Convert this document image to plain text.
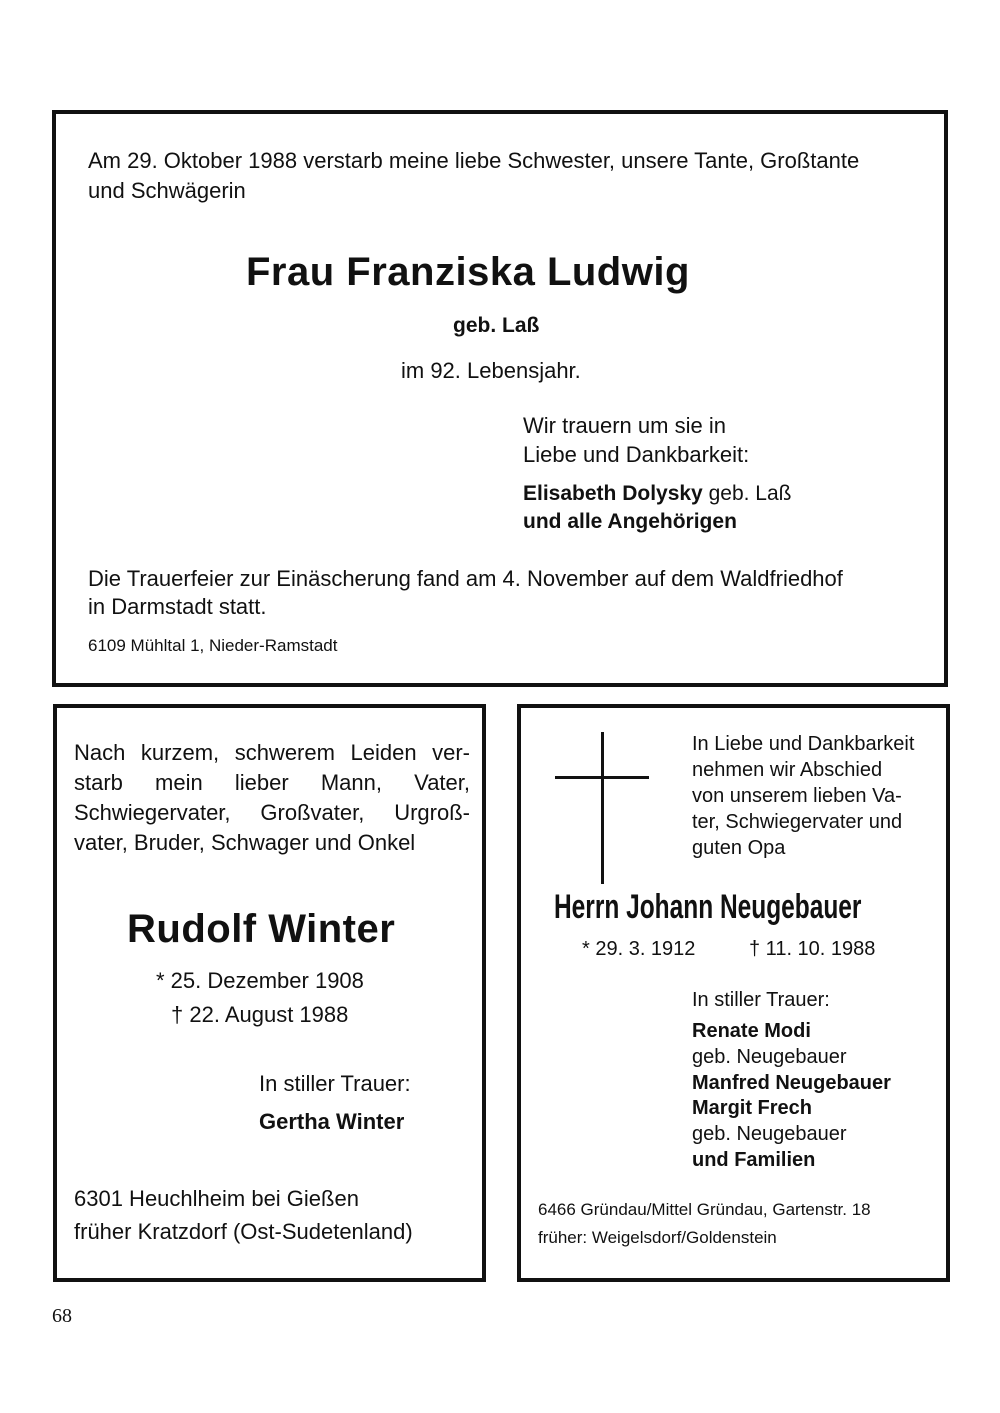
Am 29. Oktober 1988 verstarb meine liebe Schwester, unsere Tante, Großtante

und Schwägerin

Frau Franziska Ludwig

geb. Laß

im 92. Lebensjahr.

Wir trauern um sie in

Liebe und Dankbarkeit:

Elisabeth Dolysky geb. Laß

und alle Angehörigen

Die Trauerfeier zur Einäscherung fand am 4. November auf dem Waldfriedhof

in Darmstadt statt.

6109 Mühltal 1, Nieder-Ramstadt

Nach kurzem, schwerem Leiden ver-
starb mein lieber Mann, Vater,
Schwiegervater, Großvater, Urgroß-
vater, Bruder, Schwager und Onkel

Rudolf Winter

* 25. Dezember 1908

† 22. August 1988

In stiller Trauer:

Gertha Winter

6301 Heuchlheim bei Gießen

früher Kratzdorf (Ost-Sudetenland)

In Liebe und Dankbarkeit

nehmen wir Abschied

von unserem lieben Va-

ter, Schwiegervater und

guten Opa

Herrn Johann Neugebauer

* 29. 3. 1912	† 11. 10. 1988

In stiller Trauer:

Renate Modi

geb. Neugebauer

Manfred Neugebauer

Margit Frech

geb. Neugebauer

und Familien

6466 Gründau/Mittel Gründau, Gartenstr. 18

früher: Weigelsdorf/Goldenstein

68
